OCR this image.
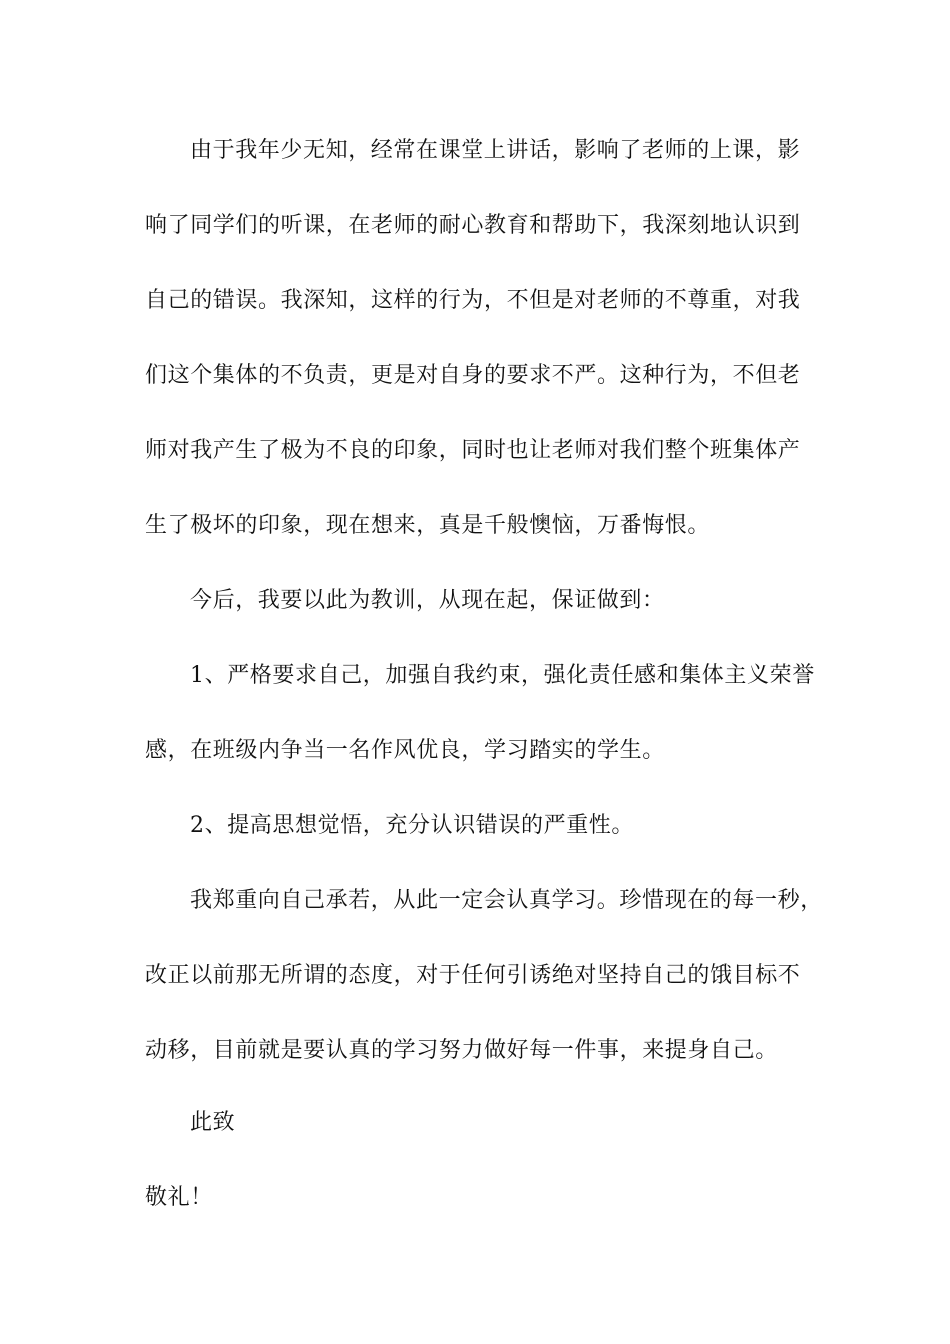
由于我年少无知，经常在课堂上讲话，影响了老师的上课，影
响了同学们的听课，在老师的耐心教育和帮助下，我深刻地认识到
自己的错误。我深知，这样的行为，不但是对老师的不尊重，对我
们这个集体的不负责，更是对自身的要求不严。这种行为，不但老
师对我产生了极为不良的印象，同时也让老师对我们整个班集体产
生了极坏的印象，现在想来，真是千般懊恼，万番悔恨。
今后，我要以此为教训，从现在起，保证做到：
1、严格要求自己，加强自我约束，强化责任感和集体主义荣誉
感，在班级内争当一名作风优良，学习踏实的学生。
2、提高思想觉悟，充分认识错误的严重性。
我郑重向自己承若，从此一定会认真学习。珍惜现在的每一秒，
改正以前那无所谓的态度，对于任何引诱绝对坚持自己的饿目标不
动移，目前就是要认真的学习努力做好每一件事，来提身自己。
此致
敬礼！
